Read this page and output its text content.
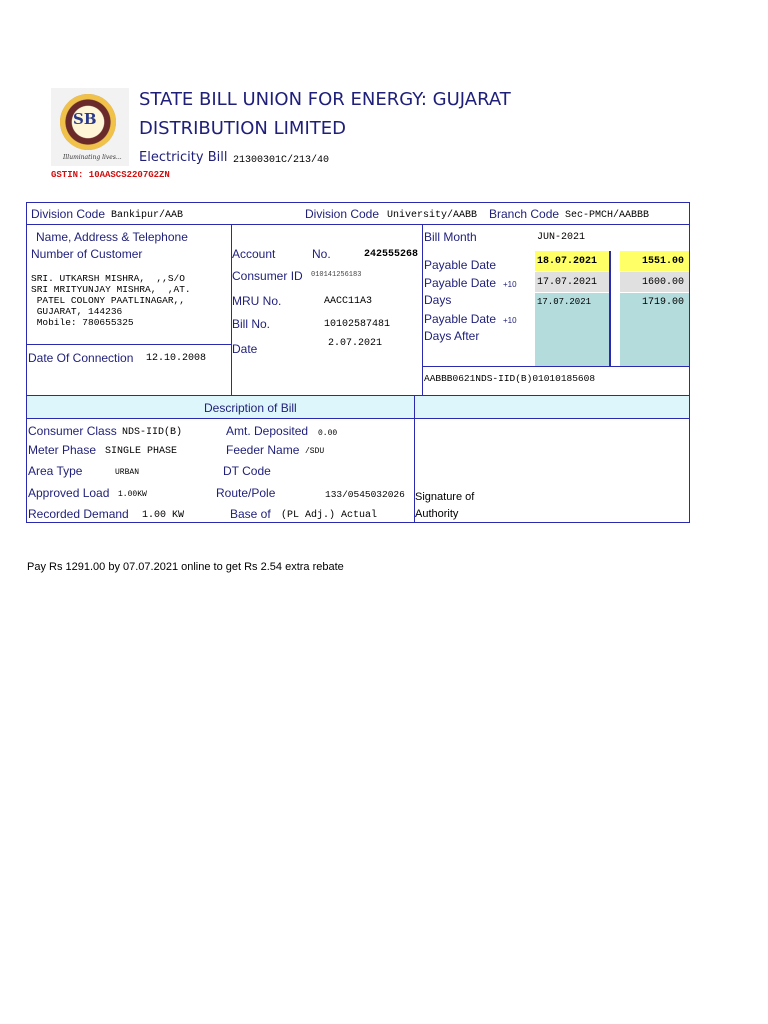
SB
Illuminating lives...
STATE BILL UNION FOR ENERGY: GUJARAT
DISTRIBUTION LIMITED
Electricity Bill 21300301C/213/40
GSTIN: 10AASCS2207G2ZN
Division Code Bankipur/AAB	Division Code University/AABB Branch Code Sec-PMCH/AABBB
Name, Address & Telephone
Number of Customer

SRI. UTKARSH MISHRA,  ,,S/O
SRI MRITYUNJAY MISHRA,  ,AT.
PATEL COLONY PAATLINAGAR,,
GUJARAT, 144236
Mobile: 780655325

Date Of Connection 12.10.2008
Account	No.	242555268
Consumer ID 010141256183
MRU No.	AACC11A3
Bill No.	10102587481
Date	2.07.2021
Bill Month	JUN-2021
Payable Date	18.07.2021	1551.00
Payable Date +10 17.07.2021	1600.00
Days	17.07.2021	1719.00
Payable Date +10
Days After
AABBB0621NDS-IID(B)01010185608
Description of Bill
Consumer Class NDS-IID(B)
Meter Phase SINGLE PHASE
Area Type	URBAN
Approved Load 1.00KW
Recorded Demand 1.00 KW
Amt. Deposited 0.00
Feeder Name /SDU
DT Code
Route/Pole	133/0545032026
Base of (PL Adj.) Actual
Signature of
Authority
Pay Rs 1291.00 by 07.07.2021 online to get Rs 2.54 extra rebate
